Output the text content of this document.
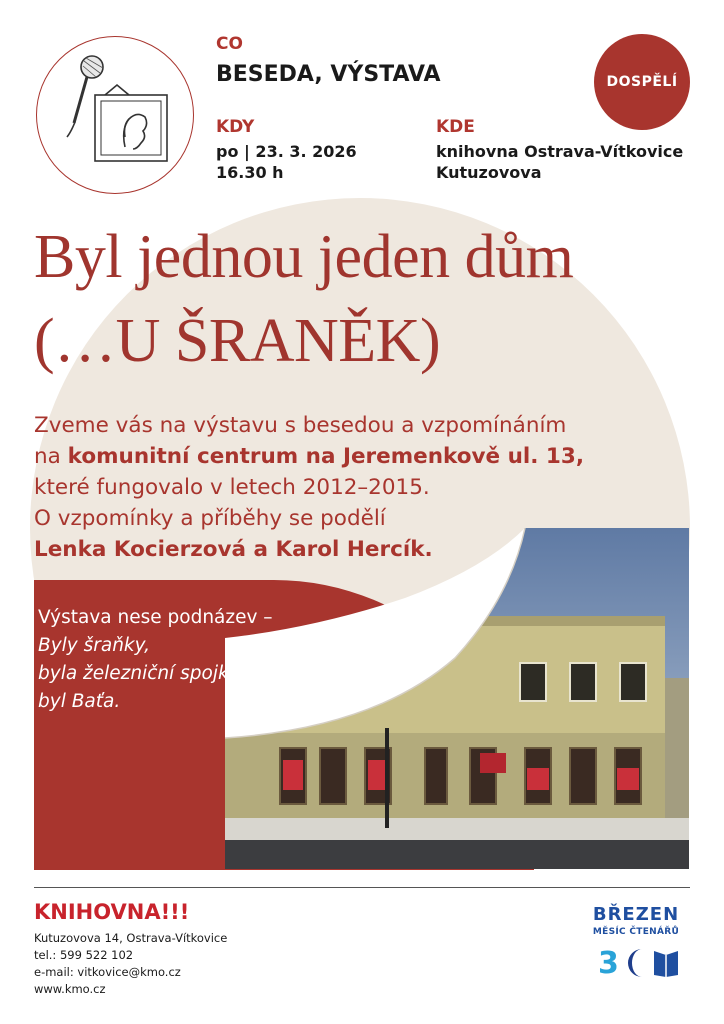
CO
BESEDA, VÝSTAVA
KDY
po | 23. 3. 2026
16.30 h
KDE
knihovna Ostrava-Vítkovice
Kutuzovova
DOSPĚLÍ
Byl jednou jeden dům
(…U ŠRANĚK)
Zveme vás na výstavu s besedou a vzpomínáním
na komunitní centrum na Jeremenkově ul. 13,
které fungovalo v letech 2012–2015.
O vzpomínky a příběhy se podělí
Lenka Kocierzová a Karol Hercík.
Výstava nese podnázev –
Byly šraňky,
byla železniční spojka,
byl Baťa.
KNIHOVNA!!!
Kutuzovova 14, Ostrava-Vítkovice
tel.: 599 522 102
e-mail: vitkovice@kmo.cz
www.kmo.cz
BŘEZEN
MĚSÍC ČTENÁŘŮ
3
